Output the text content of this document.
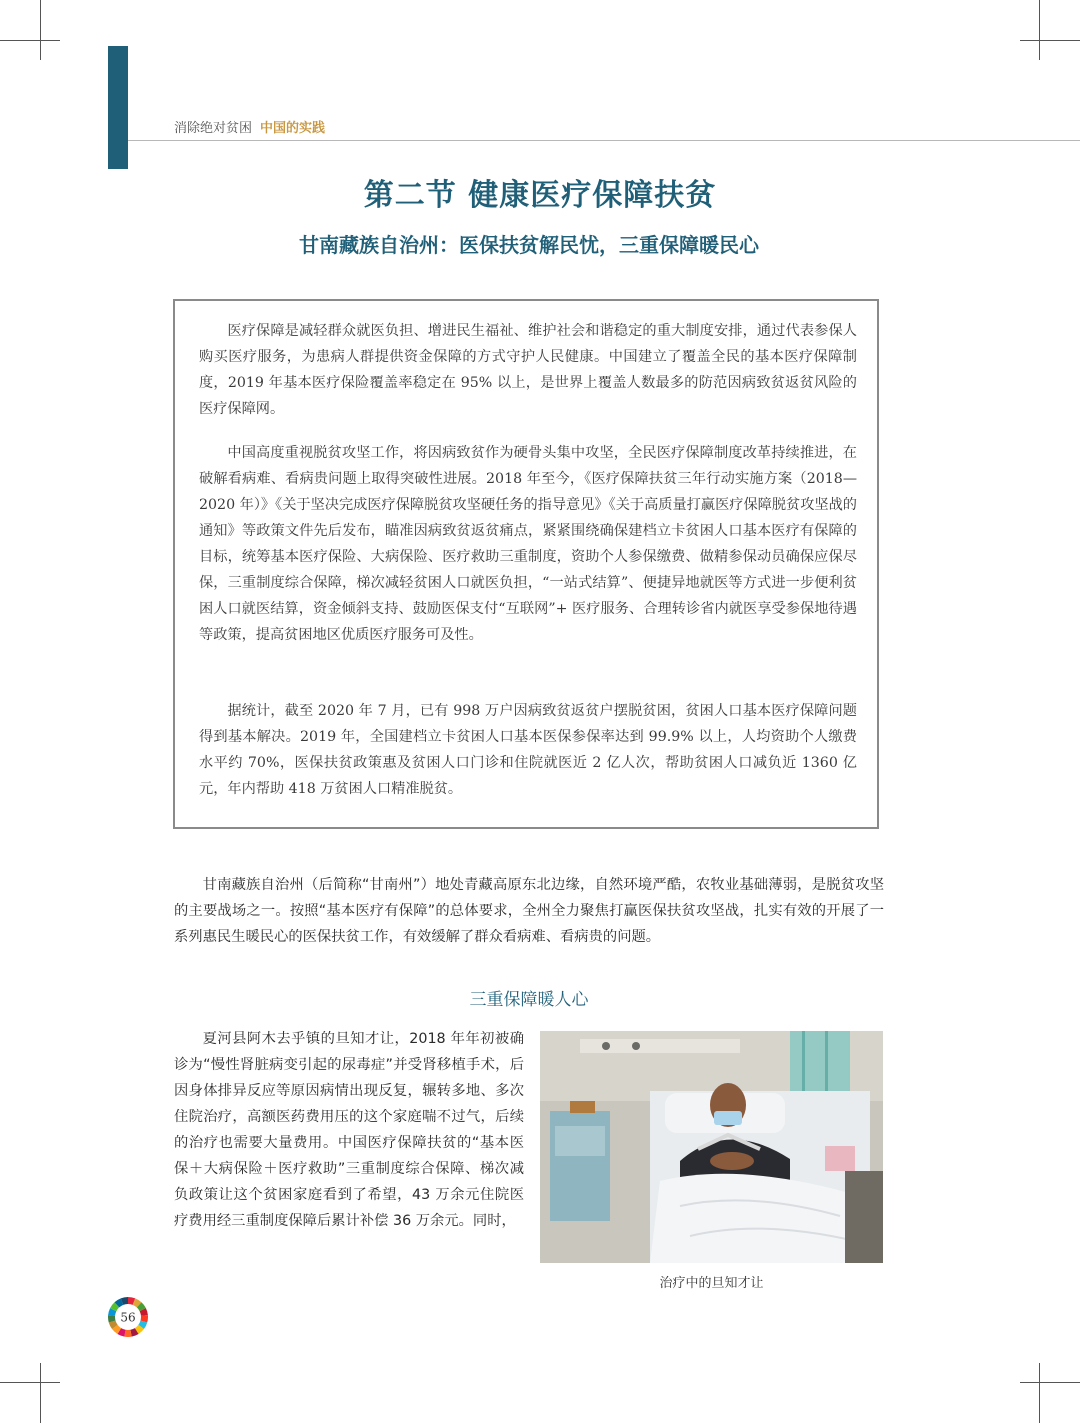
消除绝对贫困 中国的实践
第二节 健康医疗保障扶贫
甘南藏族自治州：医保扶贫解民忧，三重保障暖民心

医疗保障是减轻群众就医负担、增进民生福祉、维护社会和谐稳定的重大制度安排，通过代表参保人购买医疗服务，为患病人群提供资金保障的方式守护人民健康。中国建立了覆盖全民的基本医疗保障制度，2019 年基本医疗保险覆盖率稳定在 95% 以上，是世界上覆盖人数最多的防范因病致贫返贫风险的医疗保障网。

中国高度重视脱贫攻坚工作，将因病致贫作为硬骨头集中攻坚，全民医疗保障制度改革持续推进，在破解看病难、看病贵问题上取得突破性进展。2018 年至今，《医疗保障扶贫三年行动实施方案（2018—2020 年）》《关于坚决完成医疗保障脱贫攻坚硬任务的指导意见》《关于高质量打赢医疗保障脱贫攻坚战的通知》等政策文件先后发布，瞄准因病致贫返贫痛点，紧紧围绕确保建档立卡贫困人口基本医疗有保障的目标，统筹基本医疗保险、大病保险、医疗救助三重制度，资助个人参保缴费、做精参保动员确保应保尽保，三重制度综合保障，梯次减轻贫困人口就医负担，“一站式结算”、便捷异地就医等方式进一步便利贫困人口就医结算，资金倾斜支持、鼓励医保支付“互联网”+ 医疗服务、合理转诊省内就医享受参保地待遇等政策，提高贫困地区优质医疗服务可及性。

据统计，截至 2020 年 7 月，已有 998 万户因病致贫返贫户摆脱贫困，贫困人口基本医疗保障问题得到基本解决。2019 年，全国建档立卡贫困人口基本医保参保率达到 99.9% 以上，人均资助个人缴费水平约 70%，医保扶贫政策惠及贫困人口门诊和住院就医近 2 亿人次，帮助贫困人口减负近 1360 亿元，年内帮助 418 万贫困人口精准脱贫。

甘南藏族自治州（后简称“甘南州”）地处青藏高原东北边缘，自然环境严酷，农牧业基础薄弱，是脱贫攻坚的主要战场之一。按照“基本医疗有保障”的总体要求，全州全力聚焦打赢医保扶贫攻坚战，扎实有效的开展了一系列惠民生暖民心的医保扶贫工作，有效缓解了群众看病难、看病贵的问题。

三重保障暖人心

夏河县阿木去乎镇的旦知才让，2018 年年初被确诊为“慢性肾脏病变引起的尿毒症”并受肾移植手术，后因身体排异反应等原因病情出现反复，辗转多地、多次住院治疗，高额医药费用压的这个家庭喘不过气，后续的治疗也需要大量费用。中国医疗保障扶贫的“基本医保＋大病保险＋医疗救助”三重制度综合保障、梯次减负政策让这个贫困家庭看到了希望，43 万余元住院医疗费用经三重制度保障后累计补偿 36 万余元。同时，

治疗中的旦知才让
56
